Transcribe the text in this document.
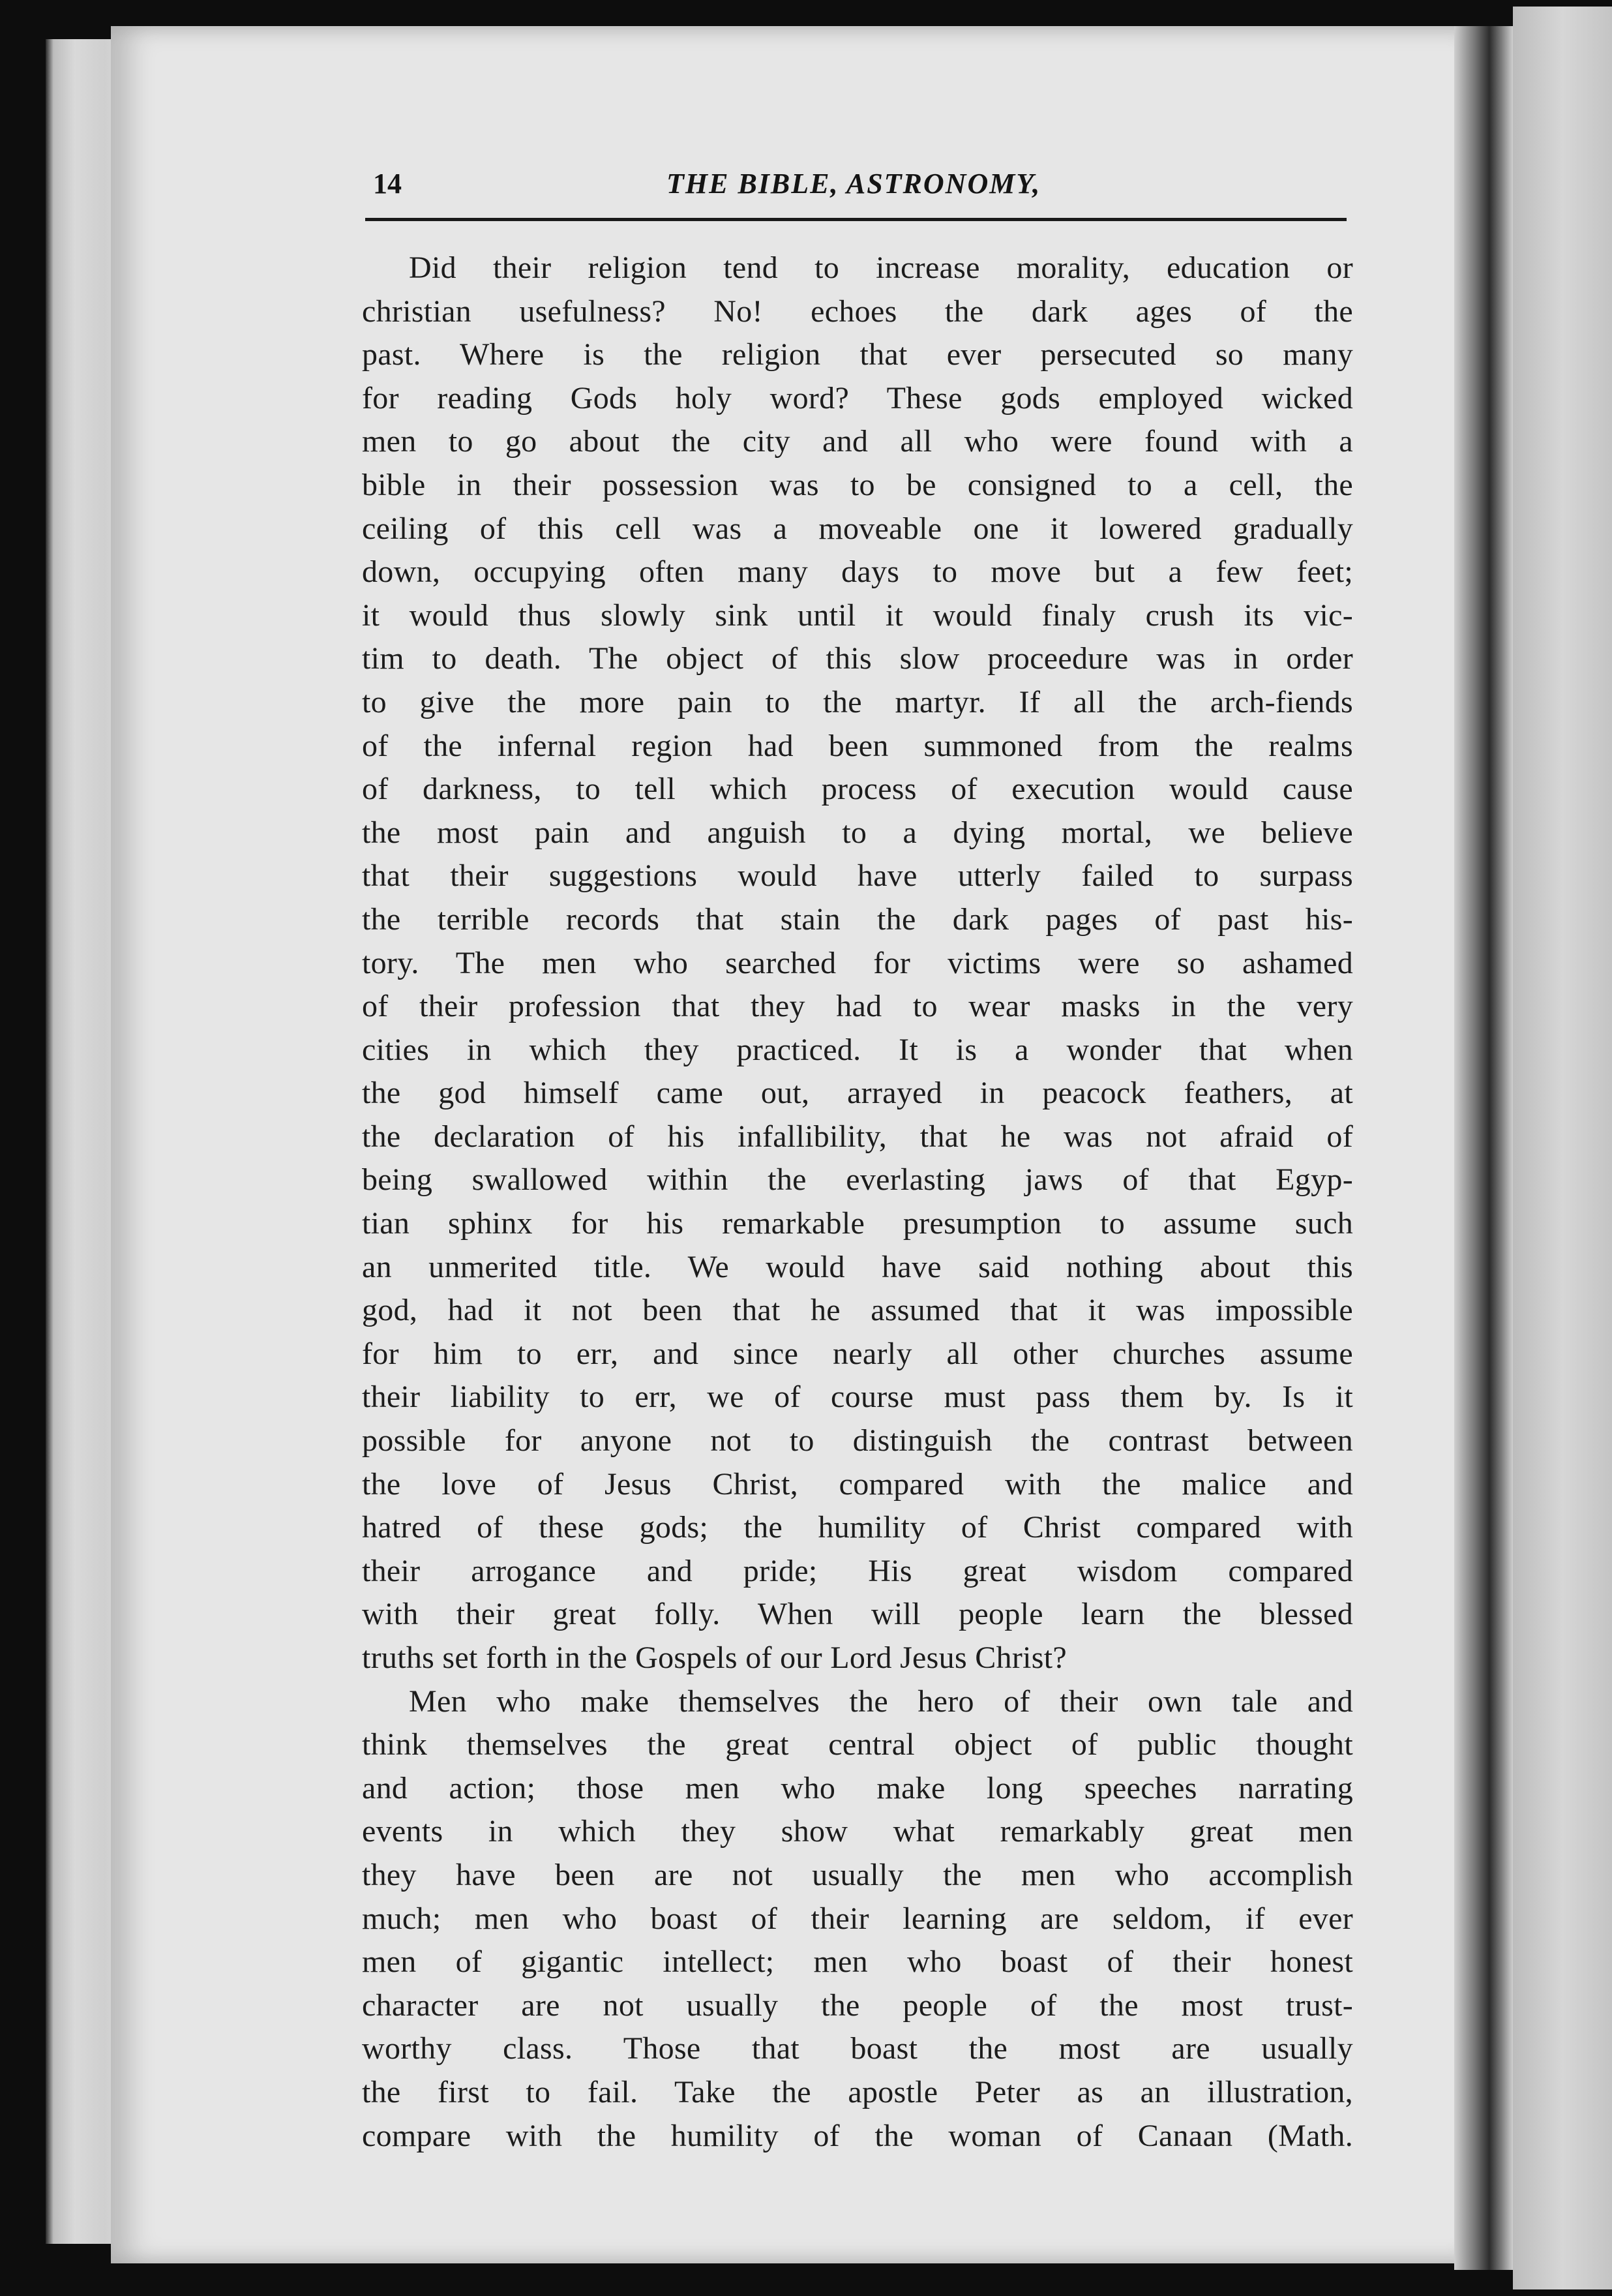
14	THE BIBLE, ASTRONOMY,
Did their religion tend to increase morality, education or
christian usefulness? No! echoes the dark ages of the
past. Where is the religion that ever persecuted so many
for reading Gods holy word? These gods employed wicked
men to go about the city and all who were found with a
bible in their possession was to be consigned to a cell, the
ceiling of this cell was a moveable one it lowered gradually
down, occupying often many days to move but a few feet;
it would thus slowly sink until it would finaly crush its vic-
tim to death. The object of this slow proceedure was in order
to give the more pain to the martyr. If all the arch-fiends
of the infernal region had been summoned from the realms
of darkness, to tell which process of execution would cause
the most pain and anguish to a dying mortal, we believe
that their suggestions would have utterly failed to surpass
the terrible records that stain the dark pages of past his-
tory. The men who searched for victims were so ashamed
of their profession that they had to wear masks in the very
cities in which they practiced. It is a wonder that when
the god himself came out, arrayed in peacock feathers, at
the declaration of his infallibility, that he was not afraid of
being swallowed within the everlasting jaws of that Egyp-
tian sphinx for his remarkable presumption to assume such
an unmerited title. We would have said nothing about this
god, had it not been that he assumed that it was impossible
for him to err, and since nearly all other churches assume
their liability to err, we of course must pass them by. Is it
possible for anyone not to distinguish the contrast between
the love of Jesus Christ, compared with the malice and
hatred of these gods; the humility of Christ compared with
their arrogance and pride; His great wisdom compared
with their great folly. When will people learn the blessed
truths set forth in the Gospels of our Lord Jesus Christ?
Men who make themselves the hero of their own tale and
think themselves the great central object of public thought
and action; those men who make long speeches narrating
events in which they show what remarkably great men
they have been are not usually the men who accomplish
much; men who boast of their learning are seldom, if ever
men of gigantic intellect; men who boast of their honest
character are not usually the people of the most trust-
worthy class. Those that boast the most are usually
the first to fail. Take the apostle Peter as an illustration,
compare with the humility of the woman of Canaan (Math.
